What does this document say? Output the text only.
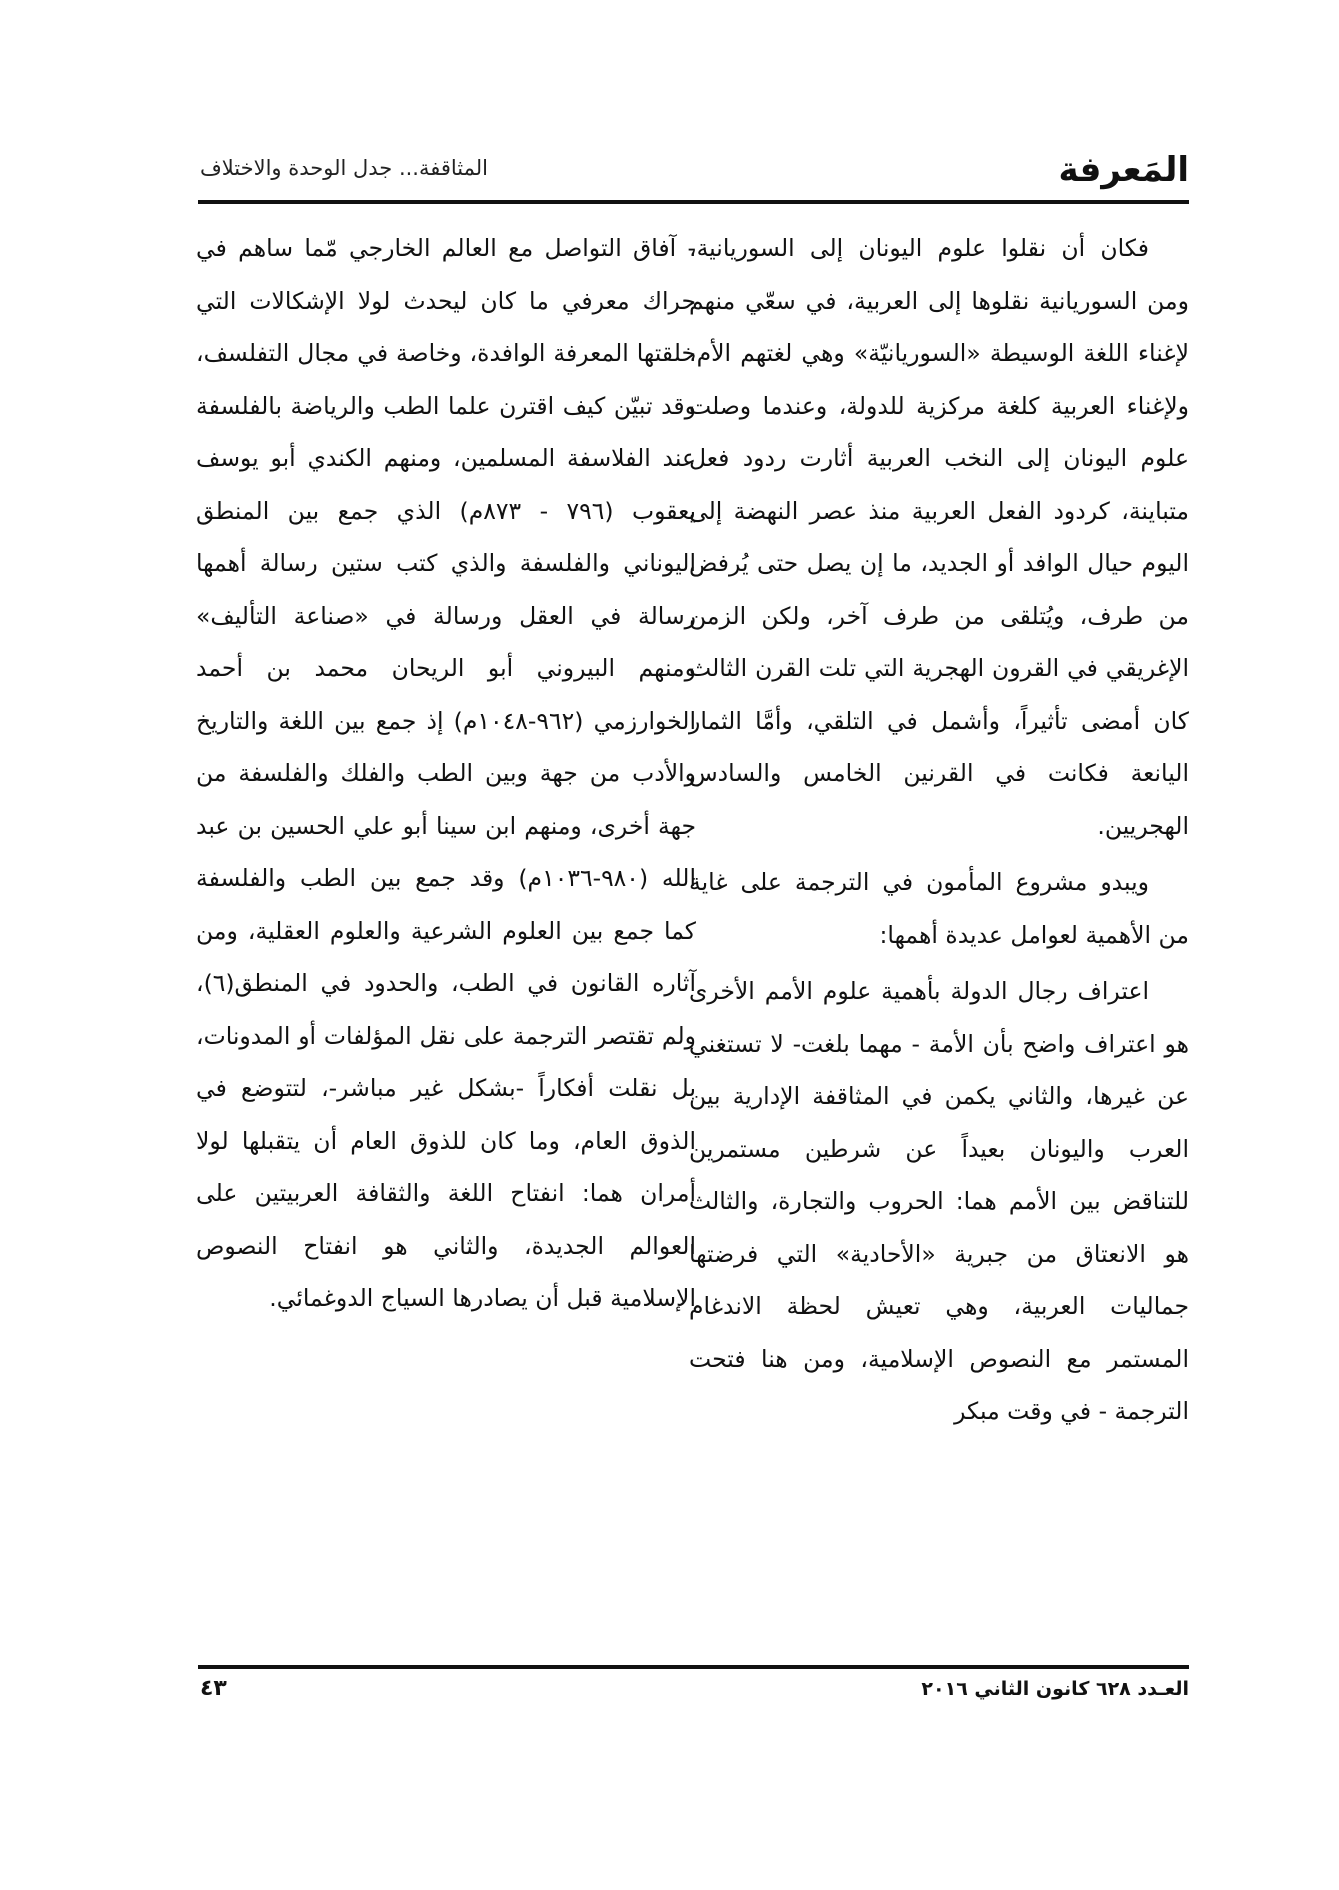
المَعرفة
المثاقفة... جدل الوحدة والاختلاف

فكان أن نقلوا علوم اليونان إلى السوريانية، ومن السوريانية نقلوها إلى العربية، في سعّي منهم لإغناء اللغة الوسيطة «السوريانيّة» وهي لغتهم الأم، ولإغناء العربية كلغة مركزية للدولة، وعندما وصلت علوم اليونان إلى النخب العربية أثارت ردود فعل متباينة، كردود الفعل العربية منذ عصر النهضة إلى اليوم حيال الوافد أو الجديد، ما إن يصل حتى يُرفض من طرف، ويُتلقى من طرف آخر، ولكن الزمن الإغريقي في القرون الهجرية التي تلت القرن الثالث كان أمضى تأثيراً، وأشمل في التلقي، وأمَّا الثمار اليانعة فكانت في القرنين الخامس والسادس الهجريين.

ويبدو مشروع المأمون في الترجمة على غاية من الأهمية لعوامل عديدة أهمها:

اعتراف رجال الدولة بأهمية علوم الأمم الأخرى هو اعتراف واضح بأن الأمة - مهما بلغت- لا تستغني عن غيرها، والثاني يكمن في المثاقفة الإدارية بين العرب واليونان بعيداً عن شرطين مستمرين للتناقض بين الأمم هما: الحروب والتجارة، والثالث هو الانعتاق من جبرية «الأحادية» التي فرضتها جماليات العربية، وهي تعيش لحظة الاندغام المستمر مع النصوص الإسلامية، ومن هنا فتحت الترجمة - في وقت مبكر

- آفاق التواصل مع العالم الخارجي مّما ساهم في حراك معرفي ما كان ليحدث لولا الإشكالات التي خلقتها المعرفة الوافدة، وخاصة في مجال التفلسف، وقد تبيّن كيف اقترن علما الطب والرياضة بالفلسفة عند الفلاسفة المسلمين، ومنهم الكندي أبو يوسف يعقوب (٧٩٦ - ٨٧٣م) الذي جمع بين المنطق اليوناني والفلسفة والذي كتب ستين رسالة أهمها رسالة في العقل ورسالة في «صناعة التأليف» ومنهم البيروني أبو الريحان محمد بن أحمد الخوارزمي (٩٦٢-١٠٤٨م) إذ جمع بين اللغة والتاريخ والأدب من جهة وبين الطب والفلك والفلسفة من جهة أخرى، ومنهم ابن سينا أبو علي الحسين بن عبد الله (٩٨٠-١٠٣٦م) وقد جمع بين الطب والفلسفة كما جمع بين العلوم الشرعية والعلوم العقلية، ومن آثاره القانون في الطب، والحدود في المنطق(٦)، ولم تقتصر الترجمة على نقل المؤلفات أو المدونات، بل نقلت أفكاراً -بشكل غير مباشر-، لتتوضع في الذوق العام، وما كان للذوق العام أن يتقبلها لولا أمران هما: انفتاح اللغة والثقافة العربيتين على العوالم الجديدة، والثاني هو انفتاح النصوص الإسلامية قبل أن يصادرها السياج الدوغمائي.

العـدد ٦٢٨ كانون الثاني ٢٠١٦
٤٣
